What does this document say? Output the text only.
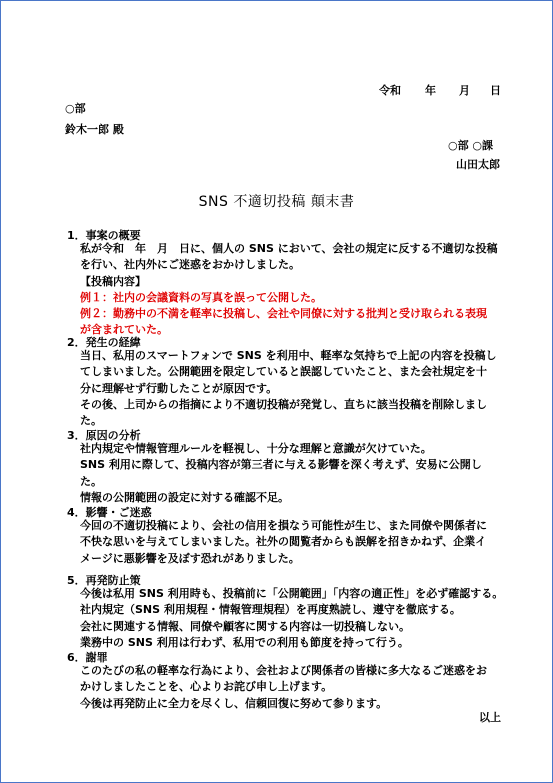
令和 年 月 日
○部
鈴木一郎 殿
○部 ○課
山田太郎
SNS 不適切投稿 顛末書
1．事案の概要
私が令和　年　月　日に、個人の SNS において、会社の規定に反する不適切な投稿
を行い、社内外にご迷惑をおかけしました。
【投稿内容】
例１：社内の会議資料の写真を誤って公開した。
例２：勤務中の不満を軽率に投稿し、会社や同僚に対する批判と受け取られる表現
が含まれていた。
2．発生の経緯
当日、私用のスマートフォンで SNS を利用中、軽率な気持ちで上記の内容を投稿し
てしまいました。公開範囲を限定していると誤認していたこと、また会社規定を十
分に理解せず行動したことが原因です。
その後、上司からの指摘により不適切投稿が発覚し、直ちに該当投稿を削除しまし
た。
3．原因の分析
社内規定や情報管理ルールを軽視し、十分な理解と意識が欠けていた。
SNS 利用に際して、投稿内容が第三者に与える影響を深く考えず、安易に公開し
た。
情報の公開範囲の設定に対する確認不足。
4．影響・ご迷惑
今回の不適切投稿により、会社の信用を損なう可能性が生じ、また同僚や関係者に
不快な思いを与えてしまいました。社外の閲覧者からも誤解を招きかねず、企業イ
メージに悪影響を及ぼす恐れがありました。
5．再発防止策
今後は私用 SNS 利用時も、投稿前に「公開範囲」「内容の適正性」を必ず確認する。
社内規定（SNS 利用規程・情報管理規程）を再度熟読し、遵守を徹底する。
会社に関連する情報、同僚や顧客に関する内容は一切投稿しない。
業務中の SNS 利用は行わず、私用での利用も節度を持って行う。
6．謝罪
このたびの私の軽率な行為により、会社および関係者の皆様に多大なるご迷惑をお
かけしましたことを、心よりお詫び申し上げます。
今後は再発防止に全力を尽くし、信頼回復に努めて参ります。
以上
